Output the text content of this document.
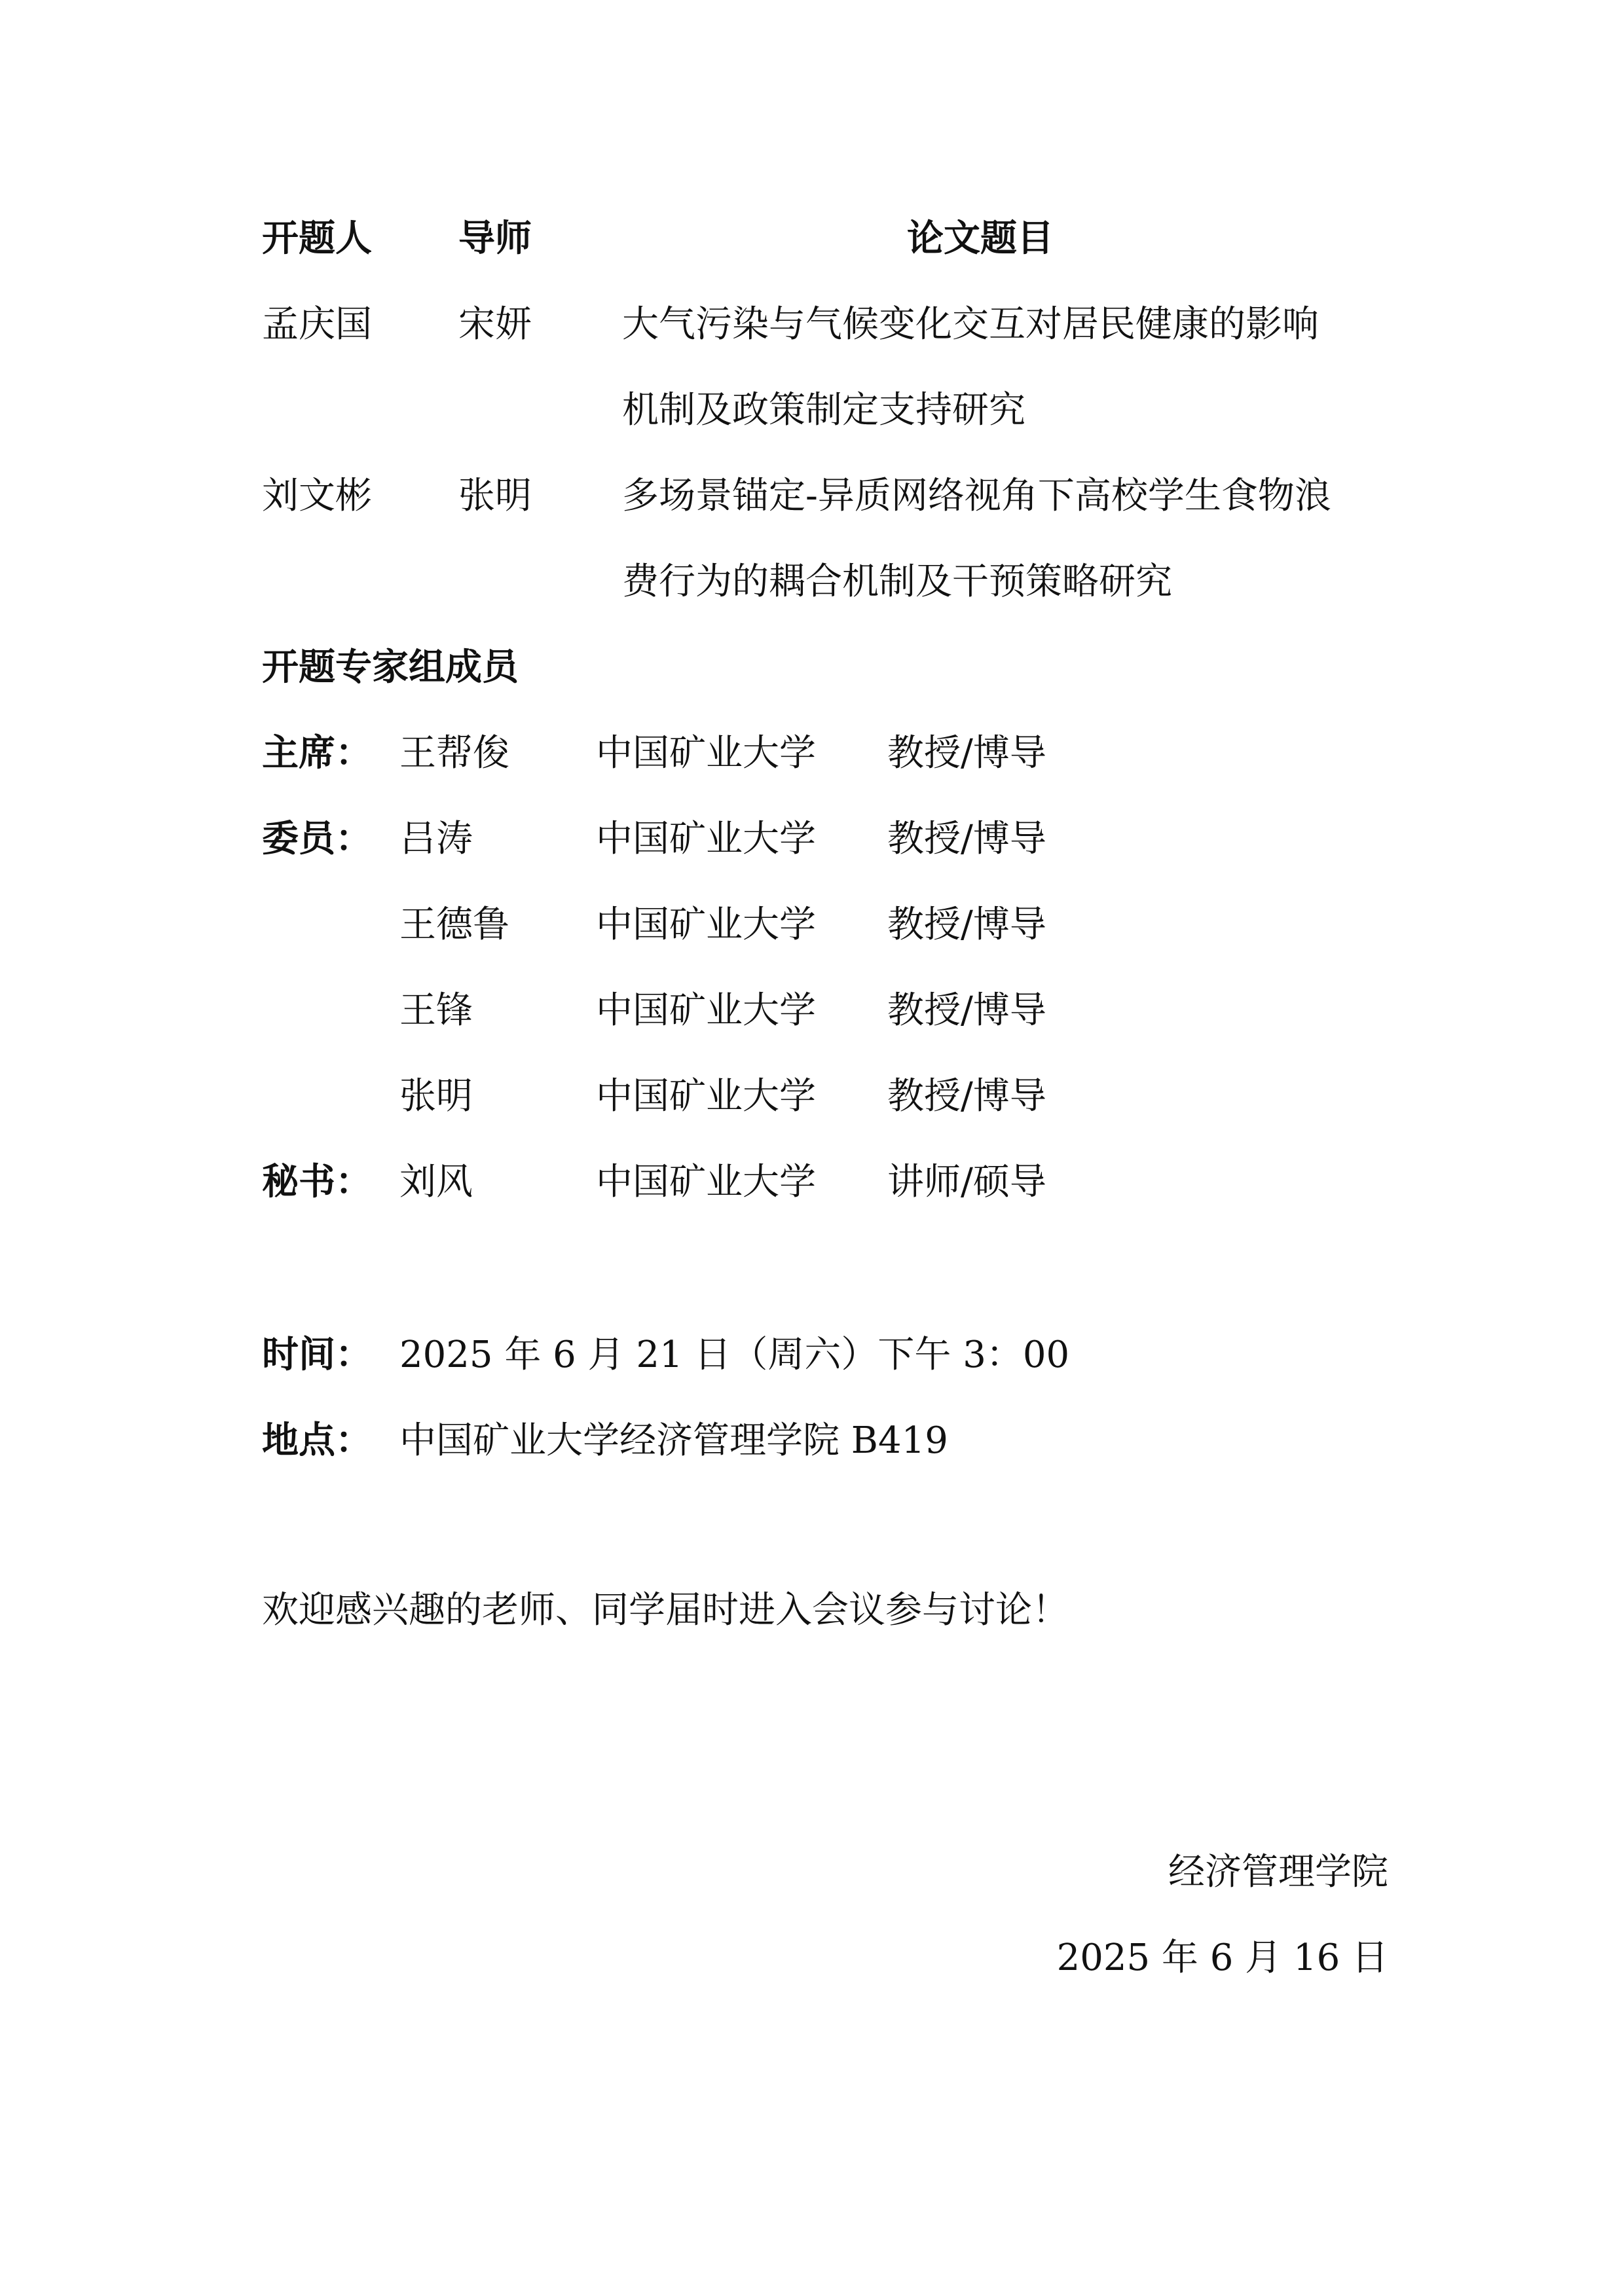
开题人 导师	论文题目
孟庆国 宋妍 大气污染与气候变化交互对居民健康的影响
机制及政策制定支持研究
刘文彬 张明 多场景锚定-异质网络视角下高校学生食物浪
费行为的耦合机制及干预策略研究
开题专家组成员
主席： 王帮俊 中国矿业大学 教授/博导
委员： 吕涛	中国矿业大学 教授/博导
王德鲁 中国矿业大学 教授/博导
王锋	中国矿业大学 教授/博导
张明	中国矿业大学 教授/博导
秘书： 刘风	中国矿业大学 讲师/硕导
时间： 2025 年 6 月 21 日（周六）下午 3：00
地点： 中国矿业大学经济管理学院 B419
欢迎感兴趣的老师、同学届时进入会议参与讨论！
经济管理学院
2025 年 6 月 16 日
